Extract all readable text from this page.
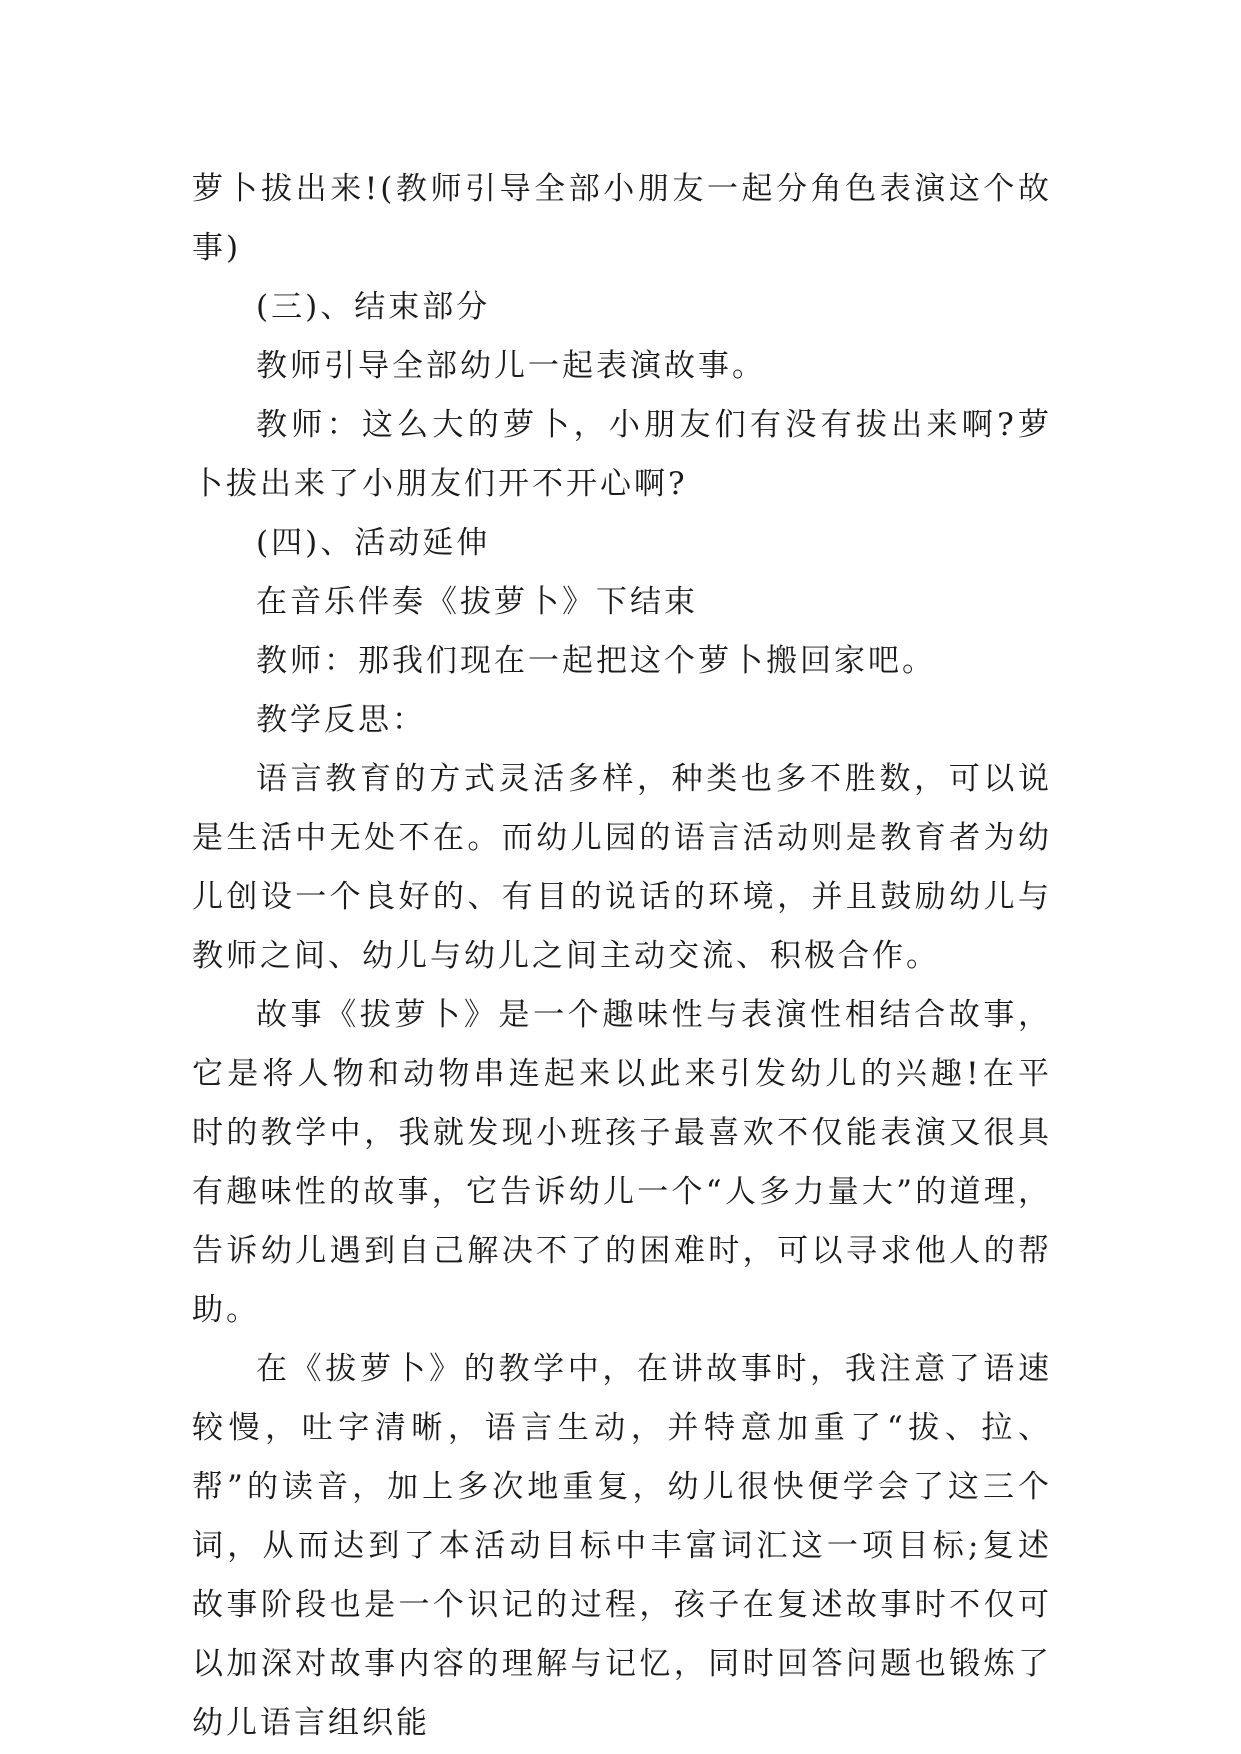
萝卜拔出来!(教师引导全部小朋友一起分角色表演这个故事)

(三)、结束部分

教师引导全部幼儿一起表演故事。

教师：这么大的萝卜，小朋友们有没有拔出来啊?萝卜拔出来了小朋友们开不开心啊?

(四)、活动延伸

在音乐伴奏《拔萝卜》下结束

教师：那我们现在一起把这个萝卜搬回家吧。

教学反思：

语言教育的方式灵活多样，种类也多不胜数，可以说是生活中无处不在。而幼儿园的语言活动则是教育者为幼儿创设一个良好的、有目的说话的环境，并且鼓励幼儿与教师之间、幼儿与幼儿之间主动交流、积极合作。

故事《拔萝卜》是一个趣味性与表演性相结合故事，它是将人物和动物串连起来以此来引发幼儿的兴趣!在平时的教学中，我就发现小班孩子最喜欢不仅能表演又很具有趣味性的故事，它告诉幼儿一个“人多力量大”的道理，告诉幼儿遇到自己解决不了的困难时，可以寻求他人的帮助。

在《拔萝卜》的教学中，在讲故事时，我注意了语速较慢，吐字清晰，语言生动，并特意加重了“拔、拉、帮”的读音，加上多次地重复，幼儿很快便学会了这三个词，从而达到了本活动目标中丰富词汇这一项目标;复述故事阶段也是一个识记的过程，孩子在复述故事时不仅可以加深对故事内容的理解与记忆，同时回答问题也锻炼了幼儿语言组织能
